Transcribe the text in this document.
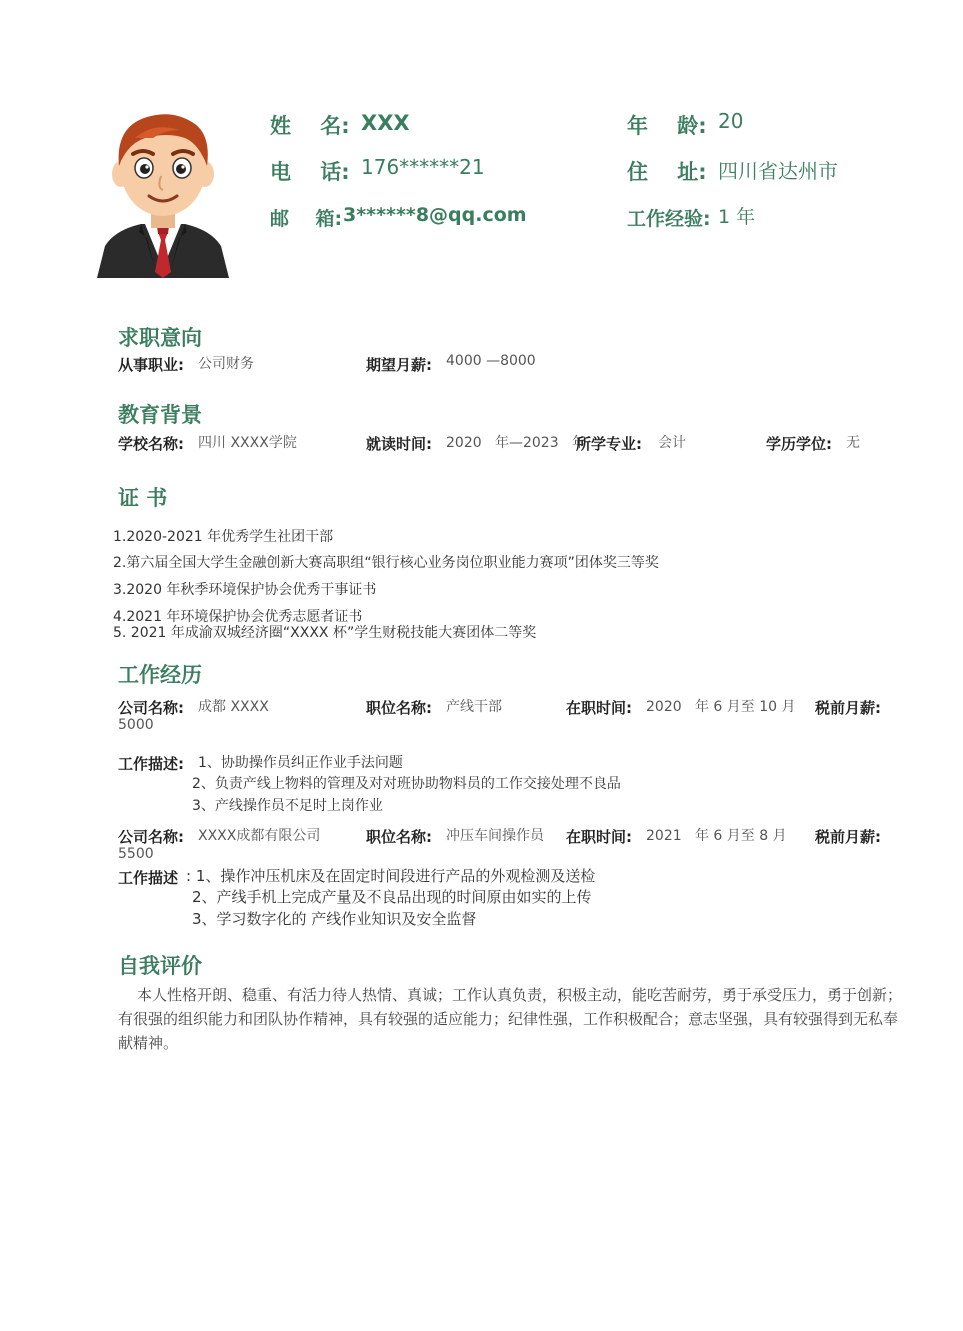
姓    名: XXX	年    龄: 20
电    话: 176******21	住    址: 四川省达州市
邮    箱: 3******8@qq.com	工作经验: 1 年
求职意向
从事职业: 公司财务	期望月薪: 4000 —8000
教育背景
学校名称: 四川 XXXX学院	就读时间: 2020   年—2023   年
所学专业: 会计	学历学位: 无
证 书
1.2020-2021 年优秀学生社团干部
2.第六届全国大学生金融创新大赛高职组“银行核心业务岗位职业能力赛项”团体奖三等奖
3.2020 年秋季环境保护协会优秀干事证书
4.2021 年环境保护协会优秀志愿者证书
5. 2021 年成渝双城经济圈“XXXX 杯”学生财税技能大赛团体二等奖
工作经历
公司名称: 成都 XXXX	职位名称: 产线干部	在职时间: 2020   年 6 月至 10 月 税前月薪:
5000
工作描述: 1、协助操作员纠正作业手法问题
2、负责产线上物料的管理及对对班协助物料员的工作交接处理不良品
3、产线操作员不足时上岗作业
公司名称: XXXX成都有限公司	职位名称: 冲压车间操作员 在职时间: 2021   年 6 月至 8 月 税前月薪:
5500
工作描述 : 1、操作冲压机床及在固定时间段进行产品的外观检测及送检
2、产线手机上完成产量及不良品出现的时间原由如实的上传
3、学习数字化的 产线作业知识及安全监督
自我评价
本人性格开朗、稳重、有活力待人热情、真诚；工作认真负责，积极主动，能吃苦耐劳，勇于承受压力，勇于创新；有很强的组织能力和团队协作精神，具有较强的适应能力；纪律性强，工作积极配合；意志坚强，具有较强得到无私奉献精神。
